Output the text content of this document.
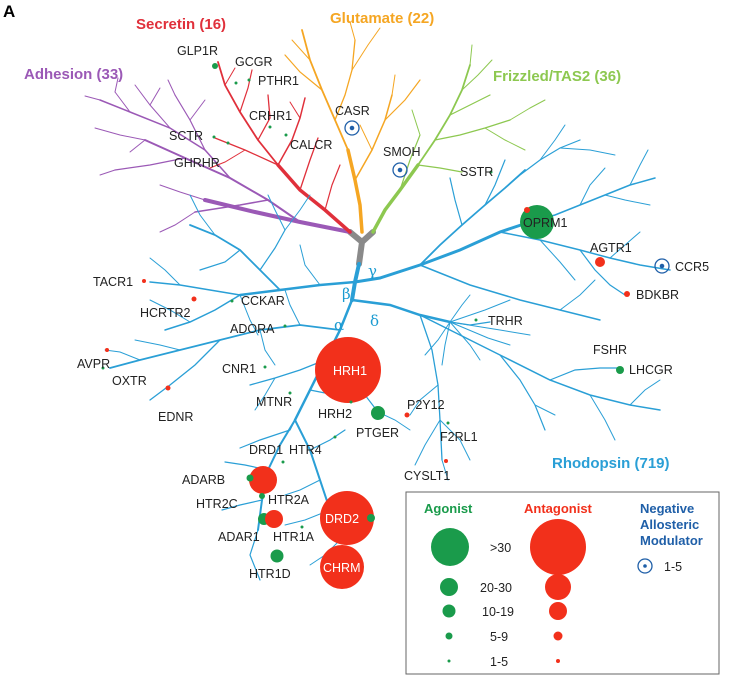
A
γ
β
α δ
Secretin (16)	Glutamate (22)
Adhesion (33)	Frizzled/TAS2 (36)
Rhodopsin (719)
GLP1R
GCGR
PTHR1
CRHR1
CALCR
SCTR
GHRHR
CASR
SMOH
SSTR
OPRM1
AGTR1
CCR5
BDKBR
TACR1
HCRTR2
CCKAR
ADORA
TRHR
AVPR
OXTR
CNR1	HRH1
FSHR
LHCGR
EDNR
MTNR
HRH2
P2Y12
PTGER	F2RL1
DRD1 HTR4
CYSLT1
ADARB
HTR2C HTR2A
DRD2
ADAR1 HTR1A
CHRM
HTR1D
Agonist	Antagonist	Negative
Allosteric
Modulator
>30
20-30
10-19
5-9
1-5
1-5
